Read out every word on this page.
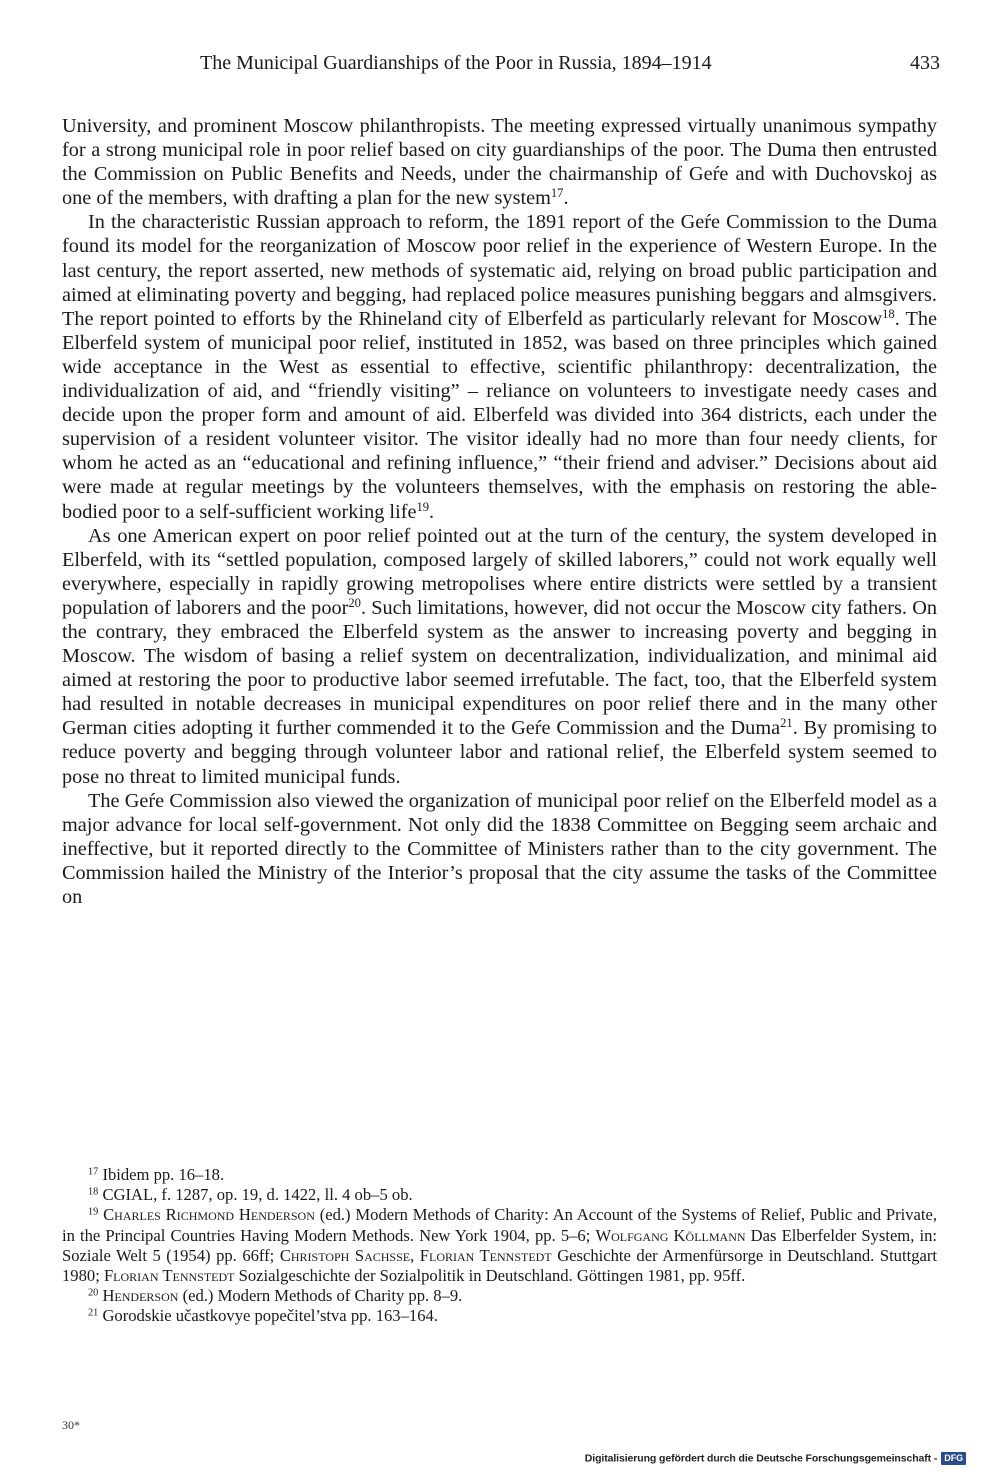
The Municipal Guardianships of the Poor in Russia, 1894–1914	433

University, and prominent Moscow philanthropists. The meeting expressed virtually unanimous sympathy for a strong municipal role in poor relief based on city guardianships of the poor. The Duma then entrusted the Commission on Public Benefits and Needs, under the chairmanship of Geŕe and with Duchovskoj as one of the members, with drafting a plan for the new system$^{17}$.

In the characteristic Russian approach to reform, the 1891 report of the Geŕe Commission to the Duma found its model for the reorganization of Moscow poor relief in the experience of Western Europe. In the last century, the report asserted, new methods of systematic aid, relying on broad public participation and aimed at eliminating poverty and begging, had replaced police measures punishing beggars and almsgivers. The report pointed to efforts by the Rhineland city of Elberfeld as particularly relevant for Moscow$^{18}$. The Elberfeld system of municipal poor relief, instituted in 1852, was based on three principles which gained wide acceptance in the West as essential to effective, scientific philanthropy: decentralization, the individualization of aid, and “friendly visiting” – reliance on volunteers to investigate needy cases and decide upon the proper form and amount of aid. Elberfeld was divided into 364 districts, each under the supervision of a resident volunteer visitor. The visitor ideally had no more than four needy clients, for whom he acted as an “educational and refining influence,” “their friend and adviser.” Decisions about aid were made at regular meetings by the volunteers themselves, with the emphasis on restoring the able-bodied poor to a self-sufficient working life$^{19}$.

As one American expert on poor relief pointed out at the turn of the century, the system developed in Elberfeld, with its “settled population, composed largely of skilled laborers,” could not work equally well everywhere, especially in rapidly growing metropolises where entire districts were settled by a transient population of laborers and the poor$^{20}$. Such limitations, however, did not occur the Moscow city fathers. On the contrary, they embraced the Elberfeld system as the answer to increasing poverty and begging in Moscow. The wisdom of basing a relief system on decentralization, individualization, and minimal aid aimed at restoring the poor to productive labor seemed irrefutable. The fact, too, that the Elberfeld system had resulted in notable decreases in municipal expenditures on poor relief there and in the many other German cities adopting it further commended it to the Geŕe Commission and the Duma$^{21}$. By promising to reduce poverty and begging through volunteer labor and rational relief, the Elberfeld system seemed to pose no threat to limited municipal funds.

The Geŕe Commission also viewed the organization of municipal poor relief on the Elberfeld model as a major advance for local self-government. Not only did the 1838 Committee on Begging seem archaic and ineffective, but it reported directly to the Committee of Ministers rather than to the city government. The Commission hailed the Ministry of the Interior’s proposal that the city assume the tasks of the Committee on

$^{17}$ Ibidem pp. 16–18.

$^{18}$ CGIAL, f. 1287, op. 19, d. 1422, ll. 4 ob–5 ob.

$^{19}$ Charles Richmond Henderson (ed.) Modern Methods of Charity: An Account of the Systems of Relief, Public and Private, in the Principal Countries Having Modern Methods. New York 1904, pp. 5–6; Wolfgang Köllmann Das Elberfelder System, in: Soziale Welt 5 (1954) pp. 66ff; Christoph Sachsse, Florian Tennstedt Geschichte der Armenfürsorge in Deutschland. Stuttgart 1980; Florian Tennstedt Sozialgeschichte der Sozialpolitik in Deutschland. Göttingen 1981, pp. 95ff.

$^{20}$ Henderson (ed.) Modern Methods of Charity pp. 8–9.

$^{21}$ Gorodskie učastkovye popečitel’stva pp. 163–164.

30*
Digitalisierung gefördert durch die Deutsche Forschungsgemeinschaft - DFG
